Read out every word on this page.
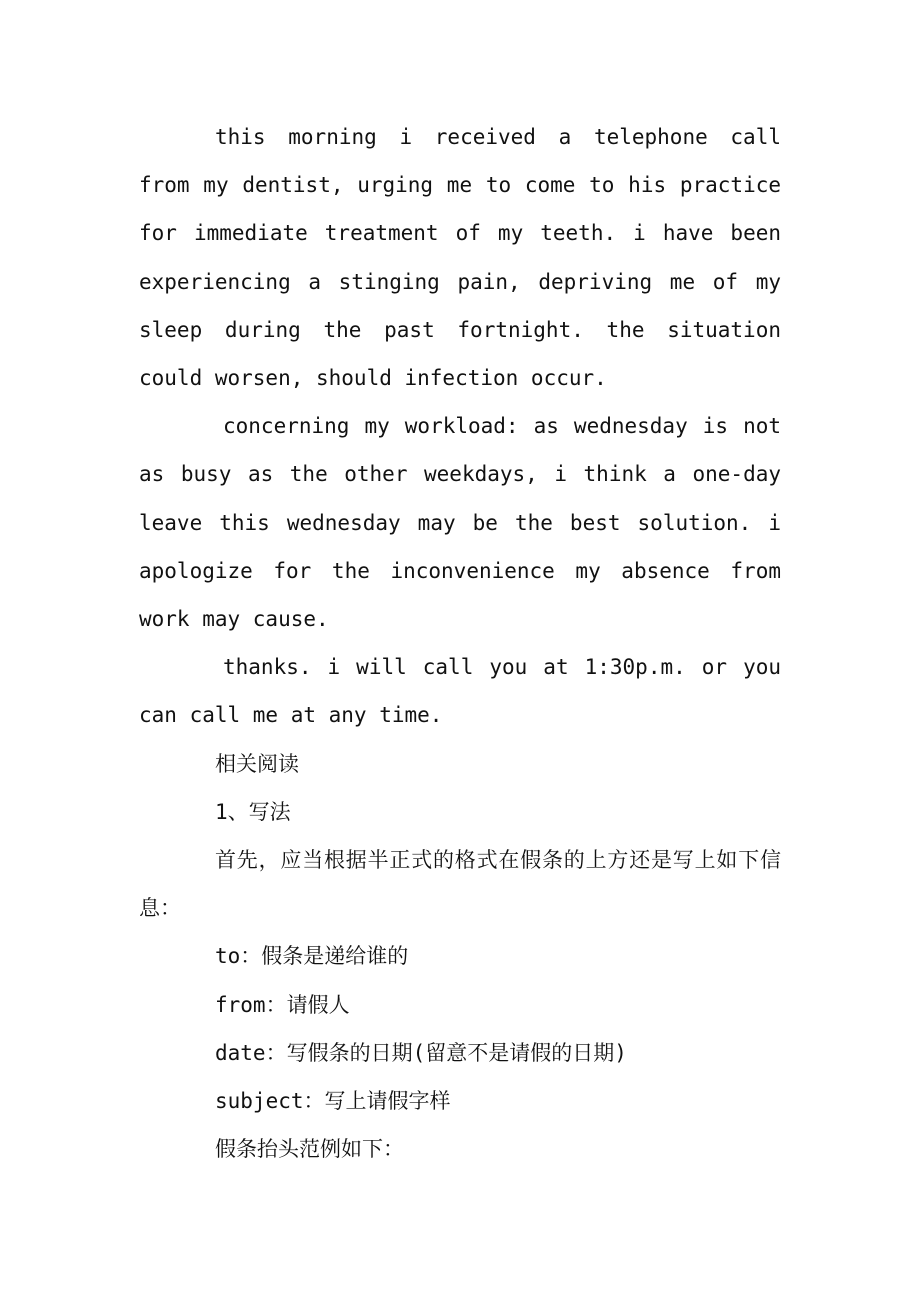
this morning i received a telephone call from my dentist, urging me to come to his practice for immediate treatment of my teeth. i have been experiencing a stinging pain, depriving me of my sleep during the past fortnight. the situation could worsen, should infection occur.

concerning my workload: as wednesday is not as busy as the other weekdays, i think a one-day leave this wednesday may be the best solution. i apologize for the inconvenience my absence from work may cause.

thanks. i will call you at 1:30p.m. or you can call me at any time.

相关阅读

1、写法

首先，应当根据半正式的格式在假条的上方还是写上如下信息：

to：假条是递给谁的

from：请假人

date：写假条的日期(留意不是请假的日期)

subject：写上请假字样

假条抬头范例如下：
